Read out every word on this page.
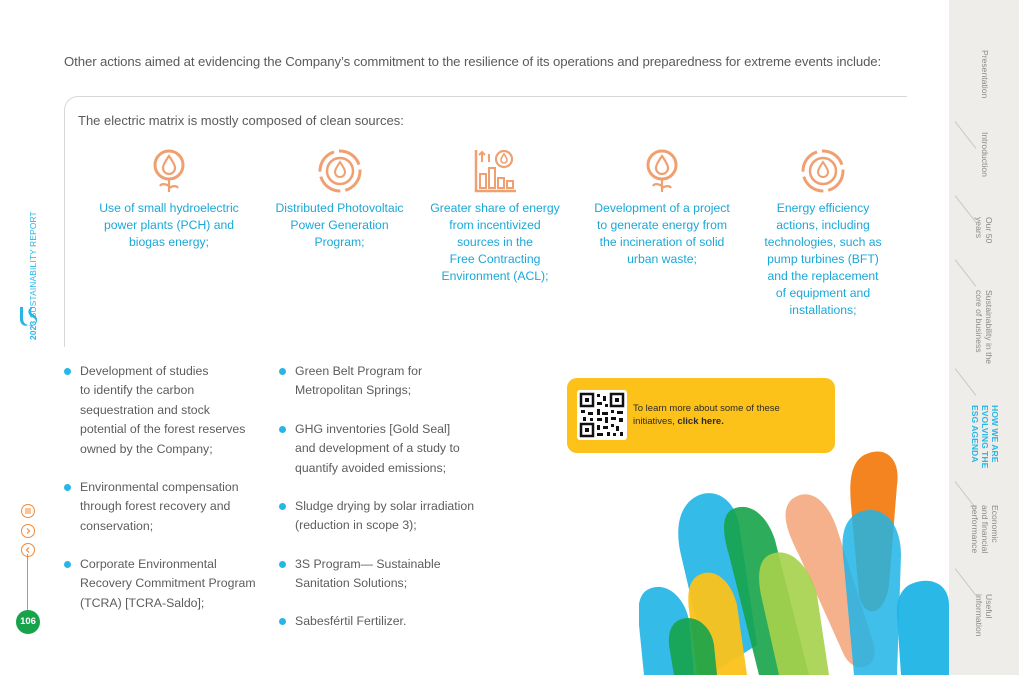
Other actions aimed at evidencing the Company’s commitment to the resilience of its operations and preparedness for extreme events include:
The electric matrix is mostly composed of clean sources:
Use of small hydroelectric
power plants (PCH) and
biogas energy;
Distributed Photovoltaic
Power Generation
Program;
Greater share of energy
from incentivized
sources in the
Free Contracting
Environment (ACL);
Development of a project
to generate energy from
the incineration of solid
urban waste;
Energy efficiency
actions, including
technologies, such as
pump turbines (BFT)
and the replacement
of equipment and
installations;
Development of studies
to identify the carbon
sequestration and stock
potential of the forest reserves
owned by the Company;
Environmental compensation
through forest recovery and
conservation;
Corporate Environmental
Recovery Commitment Program
(TCRA) [TCRA-Saldo];
Green Belt Program for
Metropolitan Springs;
GHG inventories [Gold Seal]
and development of a study to
quantify avoided emissions;
Sludge drying by solar irradiation
(reduction in scope 3);
3S Program— Sustainable
Sanitation Solutions;
Sabesfértil Fertilizer.
To learn more about some of these initiatives, click here.
2023 SUSTAINABILITY REPORT
106
Presentation
Introduction
Our 50
years
Sustainability in the
core of business
HOW WE ARE
EVOLVING THE
ESG AGENDA
Economic
and financial
performance
Useful
information
